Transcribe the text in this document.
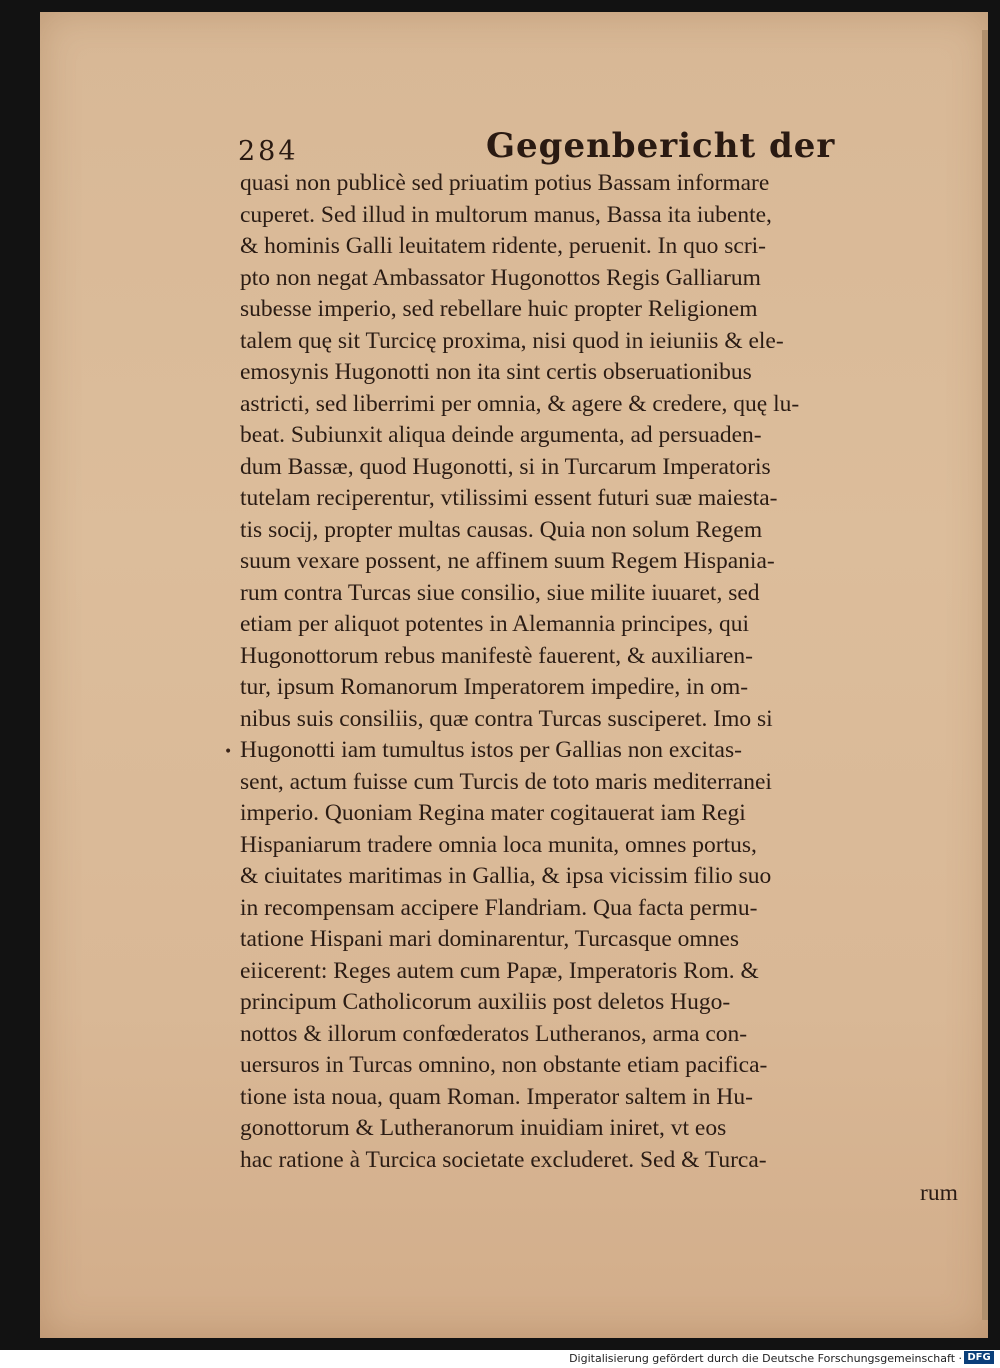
284	Gegenbericht der
quasi non publicè sed priuatim potius Bassam informare
cuperet. Sed illud in multorum manus, Bassa ita iubente,
& hominis Galli leuitatem ridente, peruenit. In quo scri-
pto non negat Ambassator Hugonottos Regis Galliarum
subesse imperio, sed rebellare huic propter Religionem
talem quę sit Turcicę proxima, nisi quod in ieiuniis & ele-
emosynis Hugonotti non ita sint certis obseruationibus
astricti, sed liberrimi per omnia, & agere & credere, quę lu-
beat. Subiunxit aliqua deinde argumenta, ad persuaden-
dum Bassæ, quod Hugonotti, si in Turcarum Imperatoris
tutelam reciperentur, vtilissimi essent futuri suæ maiesta-
tis socij, propter multas causas. Quia non solum Regem
suum vexare possent, ne affinem suum Regem Hispania-
rum contra Turcas siue consilio, siue milite iuuaret, sed
etiam per aliquot potentes in Alemannia principes, qui
Hugonottorum rebus manifestè fauerent, & auxiliaren-
tur, ipsum Romanorum Imperatorem impedire, in om-
nibus suis consiliis, quæ contra Turcas susciperet. Imo si
Hugonotti iam tumultus istos per Gallias non excitas-
sent, actum fuisse cum Turcis de toto maris mediterranei
imperio. Quoniam Regina mater cogitauerat iam Regi
Hispaniarum tradere omnia loca munita, omnes portus,
& ciuitates maritimas in Gallia, & ipsa vicissim filio suo
in recompensam accipere Flandriam. Qua facta permu-
tatione Hispani mari dominarentur, Turcasque omnes
eiicerent: Reges autem cum Papæ, Imperatoris Rom. &
principum Catholicorum auxiliis post deletos Hugo-
nottos & illorum confœderatos Lutheranos, arma con-
uersuros in Turcas omnino, non obstante etiam pacifica-
tione ista noua, quam Roman. Imperator saltem in Hu-
gonottorum & Lutheranorum inuidiam iniret, vt eos
hac ratione à Turcica societate excluderet. Sed & Turca-
•
rum
Digitalisierung gefördert durch die Deutsche Forschungsgemeinschaft · DFG
